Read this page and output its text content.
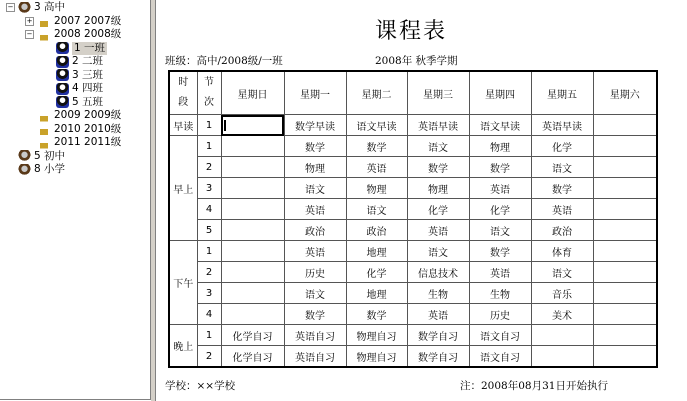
− 3 高中
+ 2007 2007级
− 2008 2008级
1 一班
2 二班
3 三班
4 四班
5 五班
2009 2009级
2010 2010级
2011 2011级
5 初中
8 小学
课程表
班级：高中/2008级/一班	2008年 秋季学期
时
段	节
次	星期日	星期一	星期二	星期三	星期四	星期五	星期六
早读	1		数学早读	语文早读	英语早读	语文早读	英语早读	
早上	1		数学	数学	语文	物理	化学	
	2		物理	英语	数学	数学	语文	
	3		语文	物理	物理	英语	数学	
	4		英语	语文	化学	化学	英语	
	5		政治	政治	英语	语文	政治	
下午	1		英语	地理	语文	数学	体育	
	2		历史	化学	信息技术	英语	语文	
	3		语文	地理	生物	生物	音乐	
	4		数学	数学	英语	历史	美术	
晚上	1	化学自习	英语自习	物理自习	数学自习	语文自习		
	2	化学自习	英语自习	物理自习	数学自习	语文自习		
学校：××学校	注：2008年08月31日开始执行
